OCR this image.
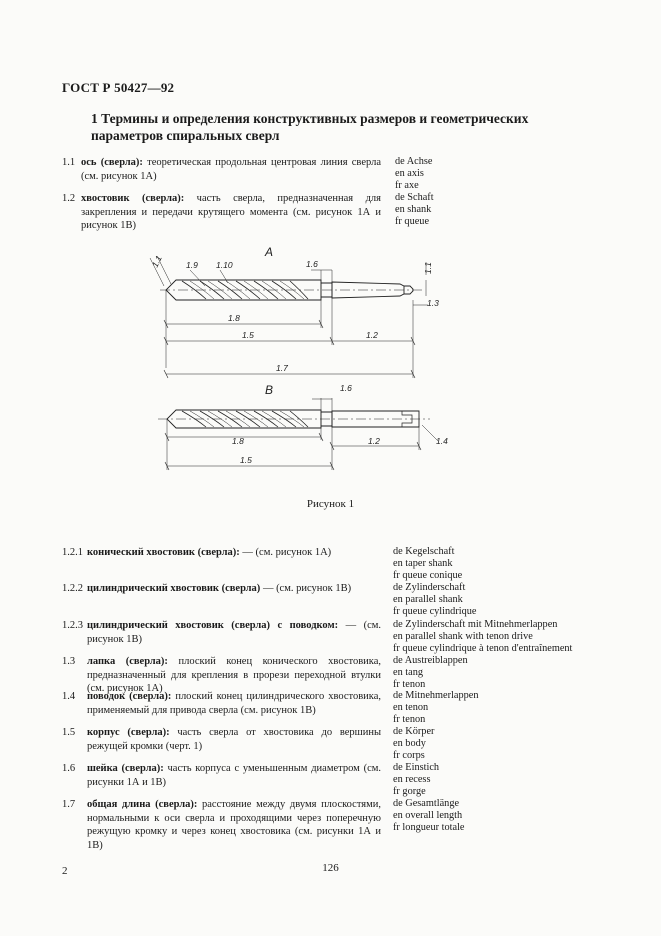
ГОСТ Р 50427—92
1 Термины и определения конструктивных размеров и геометрических параметров спиральных сверл
1.1 ось (сверла): теоретическая продольная центровая линия сверла (см. рисунок 1А)
de Achse
en axis
fr axe
1.2 хвостовик (сверла): часть сверла, предназначенная для закрепления и передачи крутящего момента (см. рисунок 1А и рисунок 1В)
de Schaft
en shank
fr queue
A
1.9 1.10	1.6
1.1	1.1
1.3
1.8
1.5	1.2
1.7
B	1.6
1.8	1.2	1.4
1.5
Рисунок 1
1.2.1 конический хвостовик (сверла): — (см. рисунок 1А)	de Kegelschaft
en taper shank
fr queue conique
1.2.2 цилиндрический хвостовик (сверла) — (см. рисунок 1В)	de Zylinderschaft
en parallel shank
fr queue cylindrique
1.2.3 цилиндрический хвостовик (сверла) с поводком: — (см. рисунок 1В)
de Zylinderschaft mit Mitnehmerlappen
en parallel shank with tenon drive
fr queue cylindrique à tenon d'entraînement
1.3 лапка (сверла): плоский конец конического хвостовика, предназначенный для крепления в прорези переходной втулки (см. рисунок 1А)
de Austreiblappen
en tang
fr tenon
1.4 поводок (сверла): плоский конец цилиндрического хвостовика, применяемый для привода сверла (см. рисунок 1В)
de Mitnehmerlappen
en tenon
fr tenon
1.5 корпус (сверла): часть сверла от хвостовика до вершины режущей кромки (черт. 1)
de Körper
en body
fr corps
1.6 шейка (сверла): часть корпуса с уменьшенным диаметром (см. рисунки 1А и 1В)
de Einstich
en recess
fr gorge
1.7 общая длина (сверла): расстояние между двумя плоскостями, нормальными к оси сверла и проходящими через поперечную режущую кромку и через конец хвостовика (см. рисунки 1А и 1В)
de Gesamtlänge
en overall length
fr longueur totale
2	126
